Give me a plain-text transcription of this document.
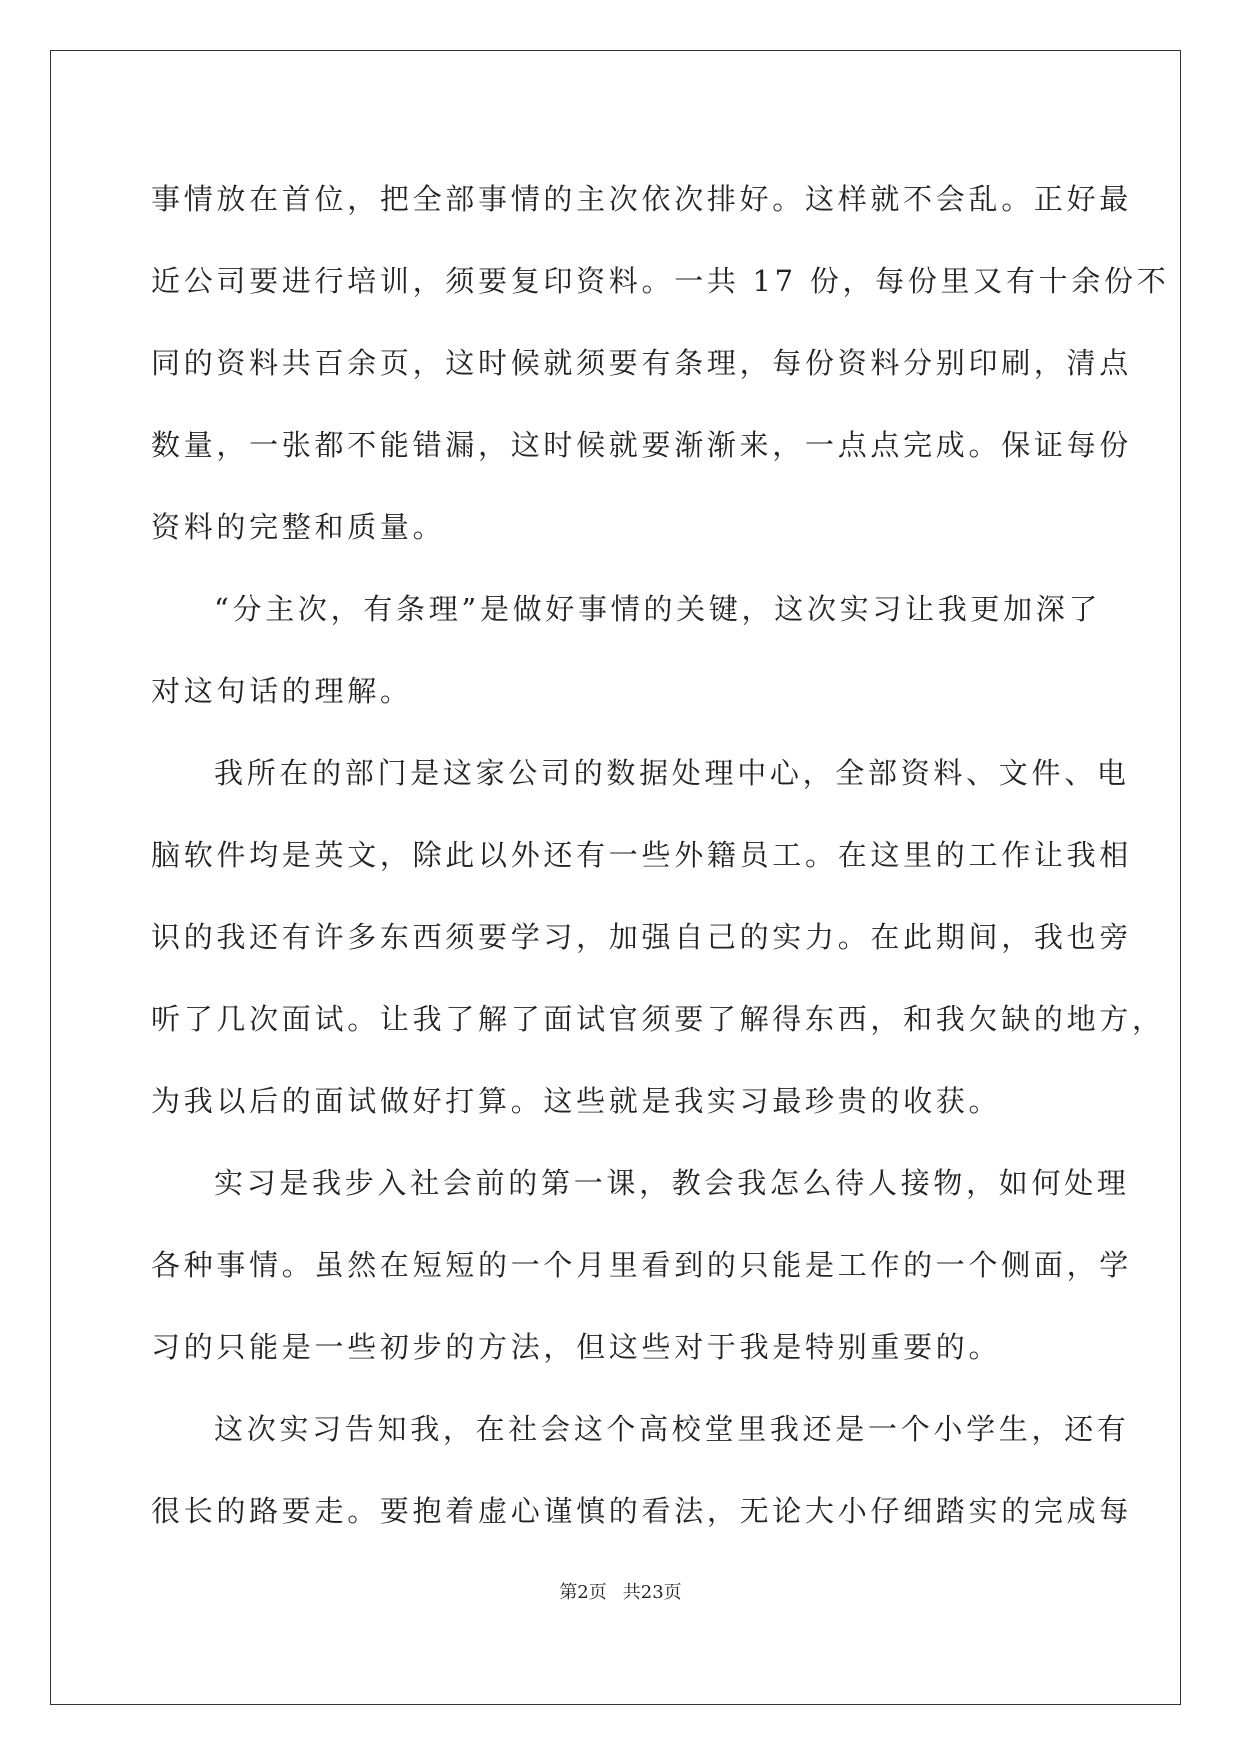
事情放在首位，把全部事情的主次依次排好。这样就不会乱。正好最
近公司要进行培训，须要复印资料。一共 17 份，每份里又有十余份不
同的资料共百余页，这时候就须要有条理，每份资料分别印刷，清点
数量，一张都不能错漏，这时候就要渐渐来，一点点完成。保证每份
资料的完整和质量。
“分主次，有条理”是做好事情的关键，这次实习让我更加深了
对这句话的理解。
我所在的部门是这家公司的数据处理中心，全部资料、文件、电
脑软件均是英文，除此以外还有一些外籍员工。在这里的工作让我相
识的我还有许多东西须要学习，加强自己的实力。在此期间，我也旁
听了几次面试。让我了解了面试官须要了解得东西，和我欠缺的地方，
为我以后的面试做好打算。这些就是我实习最珍贵的收获。
实习是我步入社会前的第一课，教会我怎么待人接物，如何处理
各种事情。虽然在短短的一个月里看到的只能是工作的一个侧面，学
习的只能是一些初步的方法，但这些对于我是特别重要的。
这次实习告知我，在社会这个高校堂里我还是一个小学生，还有
很长的路要走。要抱着虚心谨慎的看法，无论大小仔细踏实的完成每
第2页 共23页
